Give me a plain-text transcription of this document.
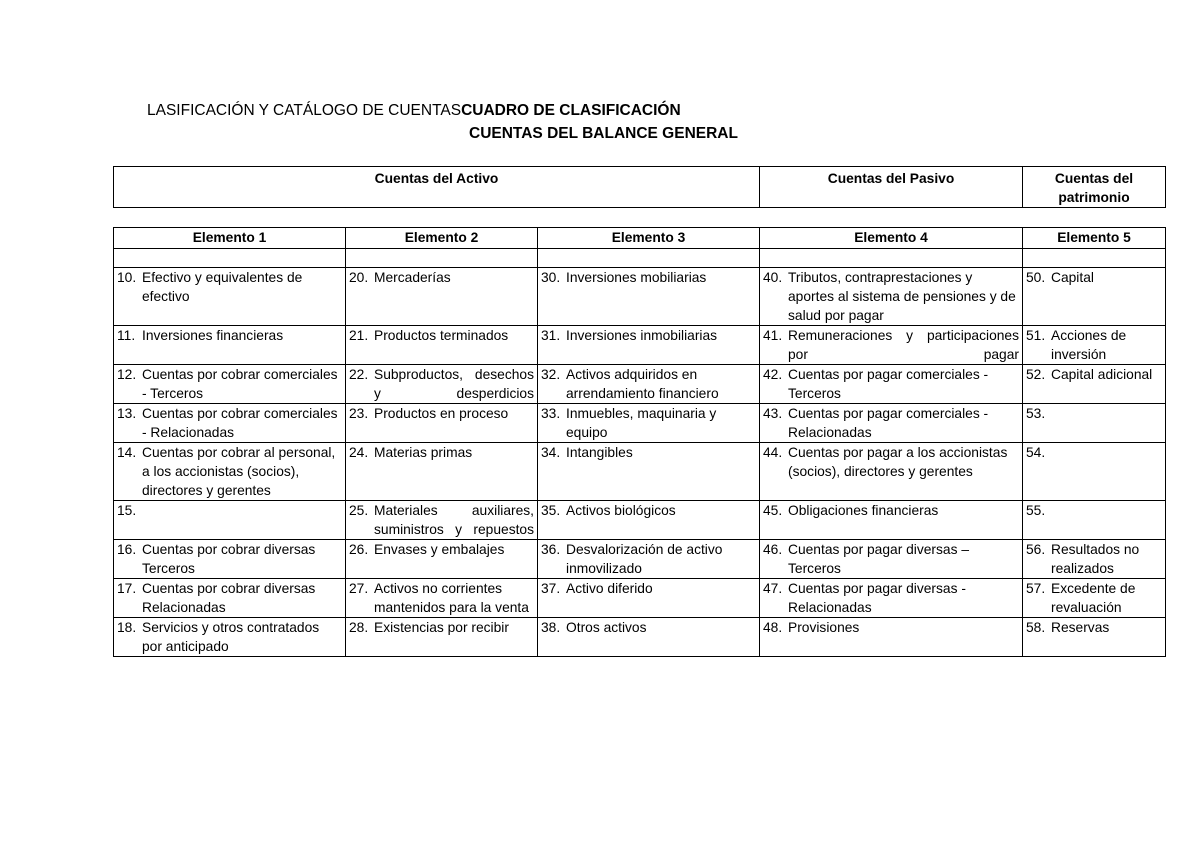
LASIFICACIÓN Y CATÁLOGO DE CUENTASCUADRO DE CLASIFICACIÓN
CUENTAS DEL BALANCE GENERAL
Cuentas del Activo	Cuentas del Pasivo	Cuentas del patrimonio
Elemento 1	Elemento 2	Elemento 3	Elemento 4	Elemento 5

10. Efectivo y equivalentes de efectivo	20. Mercaderías	30. Inversiones mobiliarias	40. Tributos, contraprestaciones y aportes al sistema de pensiones y de salud por pagar	50. Capital

11. Inversiones financieras	21. Productos terminados	31. Inversiones inmobiliarias	41. Remuneraciones y participaciones por pagar	51. Acciones de inversión

12. Cuentas por cobrar comerciales - Terceros	22. Subproductos, desechos y desperdicios	32. Activos adquiridos en arrendamiento financiero	42. Cuentas por pagar comerciales - Terceros	52. Capital adicional

13. Cuentas por cobrar comerciales - Relacionadas	23. Productos en proceso	33. Inmuebles, maquinaria y equipo	43. Cuentas por pagar comerciales - Relacionadas	53.

14. Cuentas por cobrar al personal, a los accionistas (socios), directores y gerentes	24. Materias primas	34. Intangibles	44. Cuentas por pagar a los accionistas (socios), directores y gerentes	54.

15.	25. Materiales auxiliares, suministros y repuestos	35. Activos biológicos	45. Obligaciones financieras	55.

16. Cuentas por cobrar diversas Terceros	26. Envases y embalajes	36. Desvalorización de activo inmovilizado	46. Cuentas por pagar diversas – Terceros	56. Resultados no realizados

17. Cuentas por cobrar diversas Relacionadas	27. Activos no corrientes mantenidos para la venta	37. Activo diferido	47. Cuentas por pagar diversas - Relacionadas	57. Excedente de revaluación

18. Servicios y otros contratados por anticipado	28. Existencias por recibir	38. Otros activos	48. Provisiones	58. Reservas
